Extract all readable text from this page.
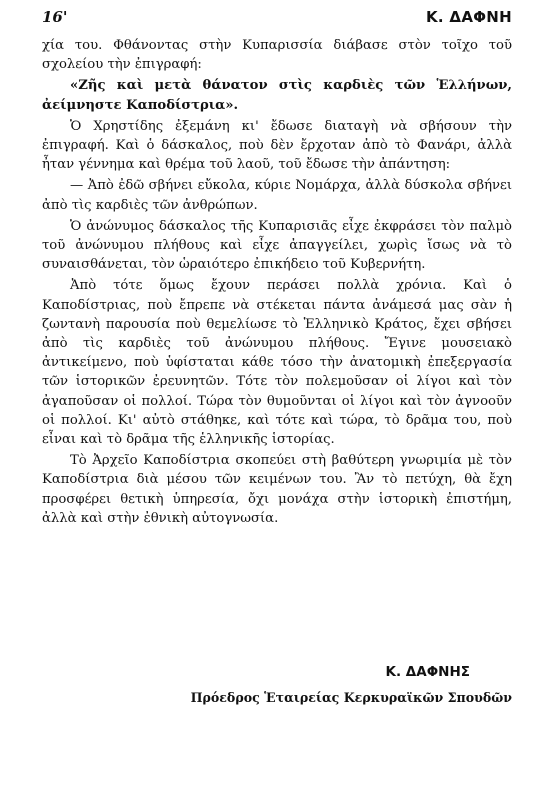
16'	Κ. ΔΑΦΝΗ

χία του. Φθάνοντας στὴν Κυπαρισσία διάβασε στὸν τοῖχο τοῦ σχολείου τὴν ἐπιγραφή:

«Ζῆς καὶ μετὰ θάνατον στὶς καρδιὲς τῶν Ἑλλήνων, ἀείμνηστε Καποδίστρια».

Ὁ Χρηστίδης ἐξεμάνη κι' ἔδωσε διαταγὴ νὰ σβήσουν τὴν ἐπιγραφή. Καὶ ὁ δάσκαλος, ποὺ δὲν ἔρχοταν ἀπὸ τὸ Φανάρι, ἀλλὰ ἦταν γέννημα καὶ θρέμα τοῦ λαοῦ, τοῦ ἔδωσε τὴν ἀπάντηση:

— Ἀπὸ ἐδῶ σβήνει εὔκολα, κύριε Νομάρχα, ἀλλὰ δύσκολα σβήνει ἀπὸ τὶς καρδιὲς τῶν ἀνθρώπων.

Ὁ ἀνώνυμος δάσκαλος τῆς Κυπαρισιᾶς εἶχε ἐκφράσει τὸν παλμὸ τοῦ ἀνώνυμου πλήθους καὶ εἶχε ἀπαγγείλει, χωρὶς ἴσως νὰ τὸ συναισθάνεται, τὸν ὡραιότερο ἐπικήδειο τοῦ Κυβερνήτη.

Ἀπὸ τότε ὅμως ἔχουν περάσει πολλὰ χρόνια. Καὶ ὁ Καποδίστριας, ποὺ ἔπρεπε νὰ στέκεται πάντα ἀνάμεσά μας σὰν ἡ ζωντανὴ παρουσία ποὺ θεμελίωσε τὸ Ἑλληνικὸ Κράτος, ἔχει σβήσει ἀπὸ τὶς καρδιὲς τοῦ ἀνώνυμου πλήθους. Ἔγινε μουσειακὸ ἀντικείμενο, ποὺ ὑφίσταται κάθε τόσο τὴν ἀνατομικὴ ἐπεξεργασία τῶν ἱστορικῶν ἐρευνητῶν. Τότε τὸν πολεμοῦσαν οἱ λίγοι καὶ τὸν ἀγαποῦσαν οἱ πολλοί. Τώρα τὸν θυμοῦνται οἱ λίγοι καὶ τὸν ἀγνοοῦν οἱ πολλοί. Κι' αὐτὸ στάθηκε, καὶ τότε καὶ τώρα, τὸ δρᾶμα του, ποὺ εἶναι καὶ τὸ δρᾶμα τῆς ἑλληνικῆς ἱστορίας.

Τὸ Ἀρχεῖο Καποδίστρια σκοπεύει στὴ βαθύτερη γνωριμία μὲ τὸν Καποδίστρια διὰ μέσου τῶν κειμένων του. Ἂν τὸ πετύχη, θὰ ἔχη προσφέρει θετικὴ ὑπηρεσία, ὄχι μονάχα στὴν ἱστορικὴ ἐπιστήμη, ἀλλὰ καὶ στὴν ἐθνικὴ αὐτογνωσία.

Κ. ΔΑΦΝΗΣ
Πρόεδρος Ἑταιρείας Κερκυραϊκῶν Σπουδῶν
